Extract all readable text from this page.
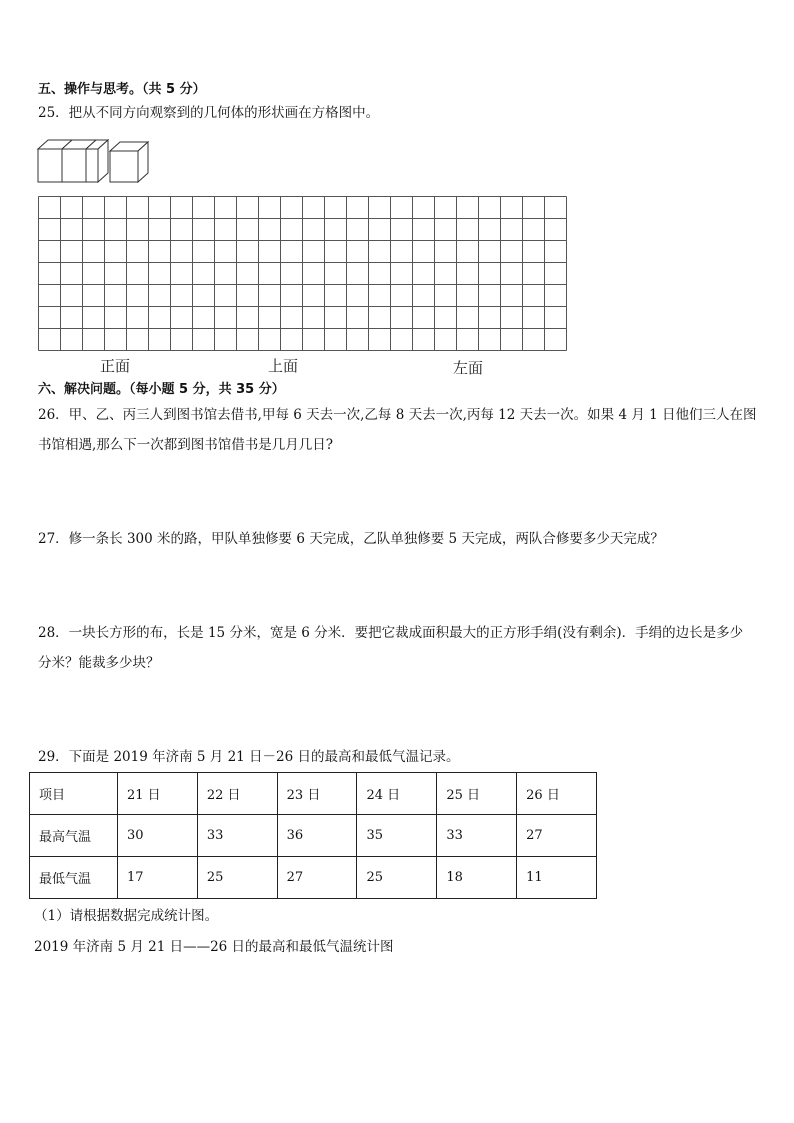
五、操作与思考。（共 5 分）
25．把从不同方向观察到的几何体的形状画在方格图中。
正面	上面	左面
六、解决问题。（每小题 5 分，共 35 分）
26．甲、乙、丙三人到图书馆去借书,甲每 6 天去一次,乙每 8 天去一次,丙每 12 天去一次。如果 4 月 1 日他们三人在图
书馆相遇,那么下一次都到图书馆借书是几月几日?
27．修一条长 300 米的路，甲队单独修要 6 天完成，乙队单独修要 5 天完成，两队合修要多少天完成？
28．一块长方形的布，长是 15 分米，宽是 6 分米．要把它裁成面积最大的正方形手绢(没有剩余)．手绢的边长是多少
分米？能裁多少块？
29．下面是 2019 年济南 5 月 21 日－26 日的最高和最低气温记录。
项目	21 日	22 日	23 日	24 日	25 日	26 日
最高气温	30	33	36	35	33	27
最低气温	17	25	27	25	18	11
（1）请根据数据完成统计图。
2019 年济南 5 月 21 日——26 日的最高和最低气温统计图
